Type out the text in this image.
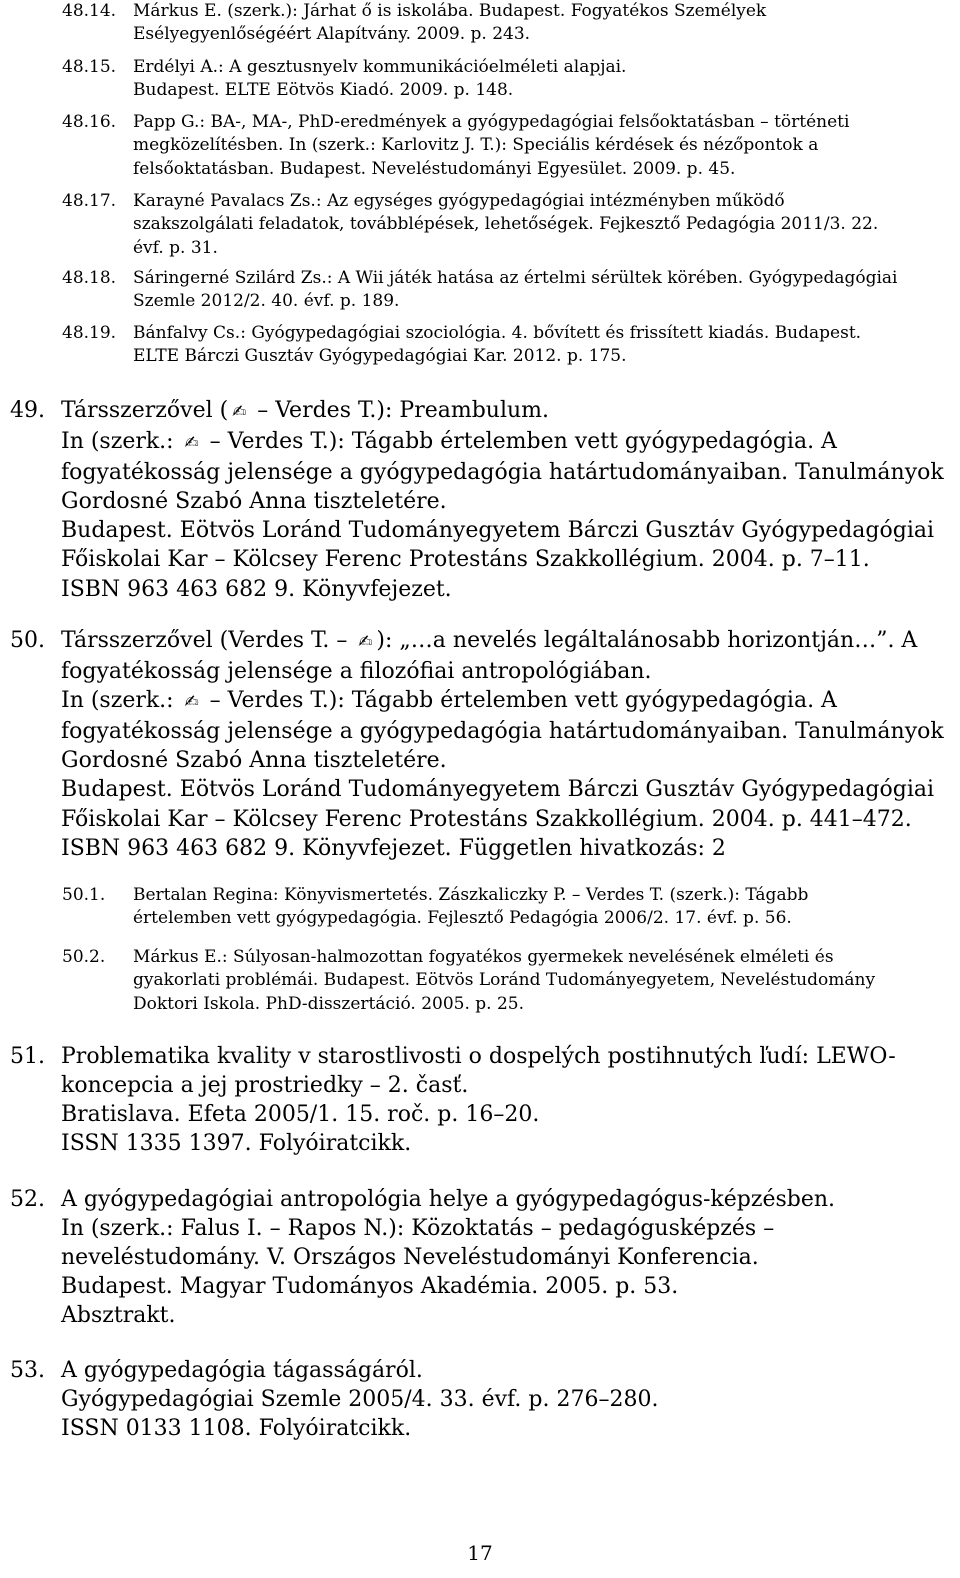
48.14. Márkus E. (szerk.): Járhat ő is iskolába. Budapest. Fogyatékos Személyek
Esélyegyenlőségéért Alapítvány. 2009. p. 243.
48.15. Erdélyi A.: A gesztusnyelv kommunikációelméleti alapjai.
Budapest. ELTE Eötvös Kiadó. 2009. p. 148.
48.16. Papp G.: BA-, MA-, PhD-eredmények a gyógypedagógiai felsőoktatásban – történeti
megközelítésben. In (szerk.: Karlovitz J. T.): Speciális kérdések és nézőpontok a
felsőoktatásban. Budapest. Neveléstudományi Egyesület. 2009. p. 45.
48.17. Karayné Pavalacs Zs.: Az egységes gyógypedagógiai intézményben működő
szakszolgálati feladatok, továbblépések, lehetőségek. Fejkesztő Pedagógia 2011/3. 22.
évf. p. 31.
48.18. Sáringerné Szilárd Zs.: A Wii játék hatása az értelmi sérültek körében. Gyógypedagógiai
Szemle 2012/2. 40. évf. p. 189.
48.19. Bánfalvy Cs.: Gyógypedagógiai szociológia. 4. bővített és frissített kiadás. Budapest.
ELTE Bárczi Gusztáv Gyógypedagógiai Kar. 2012. p. 175.
49. Társszerzővel ( ✍ – Verdes T.): Preambulum.
In (szerk.: ✍ – Verdes T.): Tágabb értelemben vett gyógypedagógia. A
fogyatékosság jelensége a gyógypedagógia határtudományaiban. Tanulmányok
Gordosné Szabó Anna tiszteletére.
Budapest. Eötvös Loránd Tudományegyetem Bárczi Gusztáv Gyógypedagógiai
Főiskolai Kar – Kölcsey Ferenc Protestáns Szakkollégium. 2004. p. 7–11.
ISBN 963 463 682 9. Könyvfejezet.
50. Társszerzővel (Verdes T. – ✍ ): „…a nevelés legáltalánosabb horizontján…”. A
fogyatékosság jelensége a filozófiai antropológiában.
In (szerk.: ✍ – Verdes T.): Tágabb értelemben vett gyógypedagógia. A
fogyatékosság jelensége a gyógypedagógia határtudományaiban. Tanulmányok
Gordosné Szabó Anna tiszteletére.
Budapest. Eötvös Loránd Tudományegyetem Bárczi Gusztáv Gyógypedagógiai
Főiskolai Kar – Kölcsey Ferenc Protestáns Szakkollégium. 2004. p. 441–472.
ISBN 963 463 682 9. Könyvfejezet. Független hivatkozás: 2
50.1. Bertalan Regina: Könyvismertetés. Zászkaliczky P. – Verdes T. (szerk.): Tágabb
értelemben vett gyógypedagógia. Fejlesztő Pedagógia 2006/2. 17. évf. p. 56.
50.2. Márkus E.: Súlyosan-halmozottan fogyatékos gyermekek nevelésének elméleti és
gyakorlati problémái. Budapest. Eötvös Loránd Tudományegyetem, Neveléstudomány
Doktori Iskola. PhD-disszertáció. 2005. p. 25.
51. Problematika kvality v starostlivosti o dospelých postihnutých ľudí: LEWO-
koncepcia a jej prostriedky – 2. časť.
Bratislava. Efeta 2005/1. 15. roč. p. 16–20.
ISSN 1335 1397. Folyóiratcikk.
52. A gyógypedagógiai antropológia helye a gyógypedagógus-képzésben.
In (szerk.: Falus I. – Rapos N.): Közoktatás – pedagógusképzés –
neveléstudomány. V. Országos Neveléstudományi Konferencia.
Budapest. Magyar Tudományos Akadémia. 2005. p. 53.
Absztrakt.
53. A gyógypedagógia tágasságáról.
Gyógypedagógiai Szemle 2005/4. 33. évf. p. 276–280.
ISSN 0133 1108. Folyóiratcikk.
17
